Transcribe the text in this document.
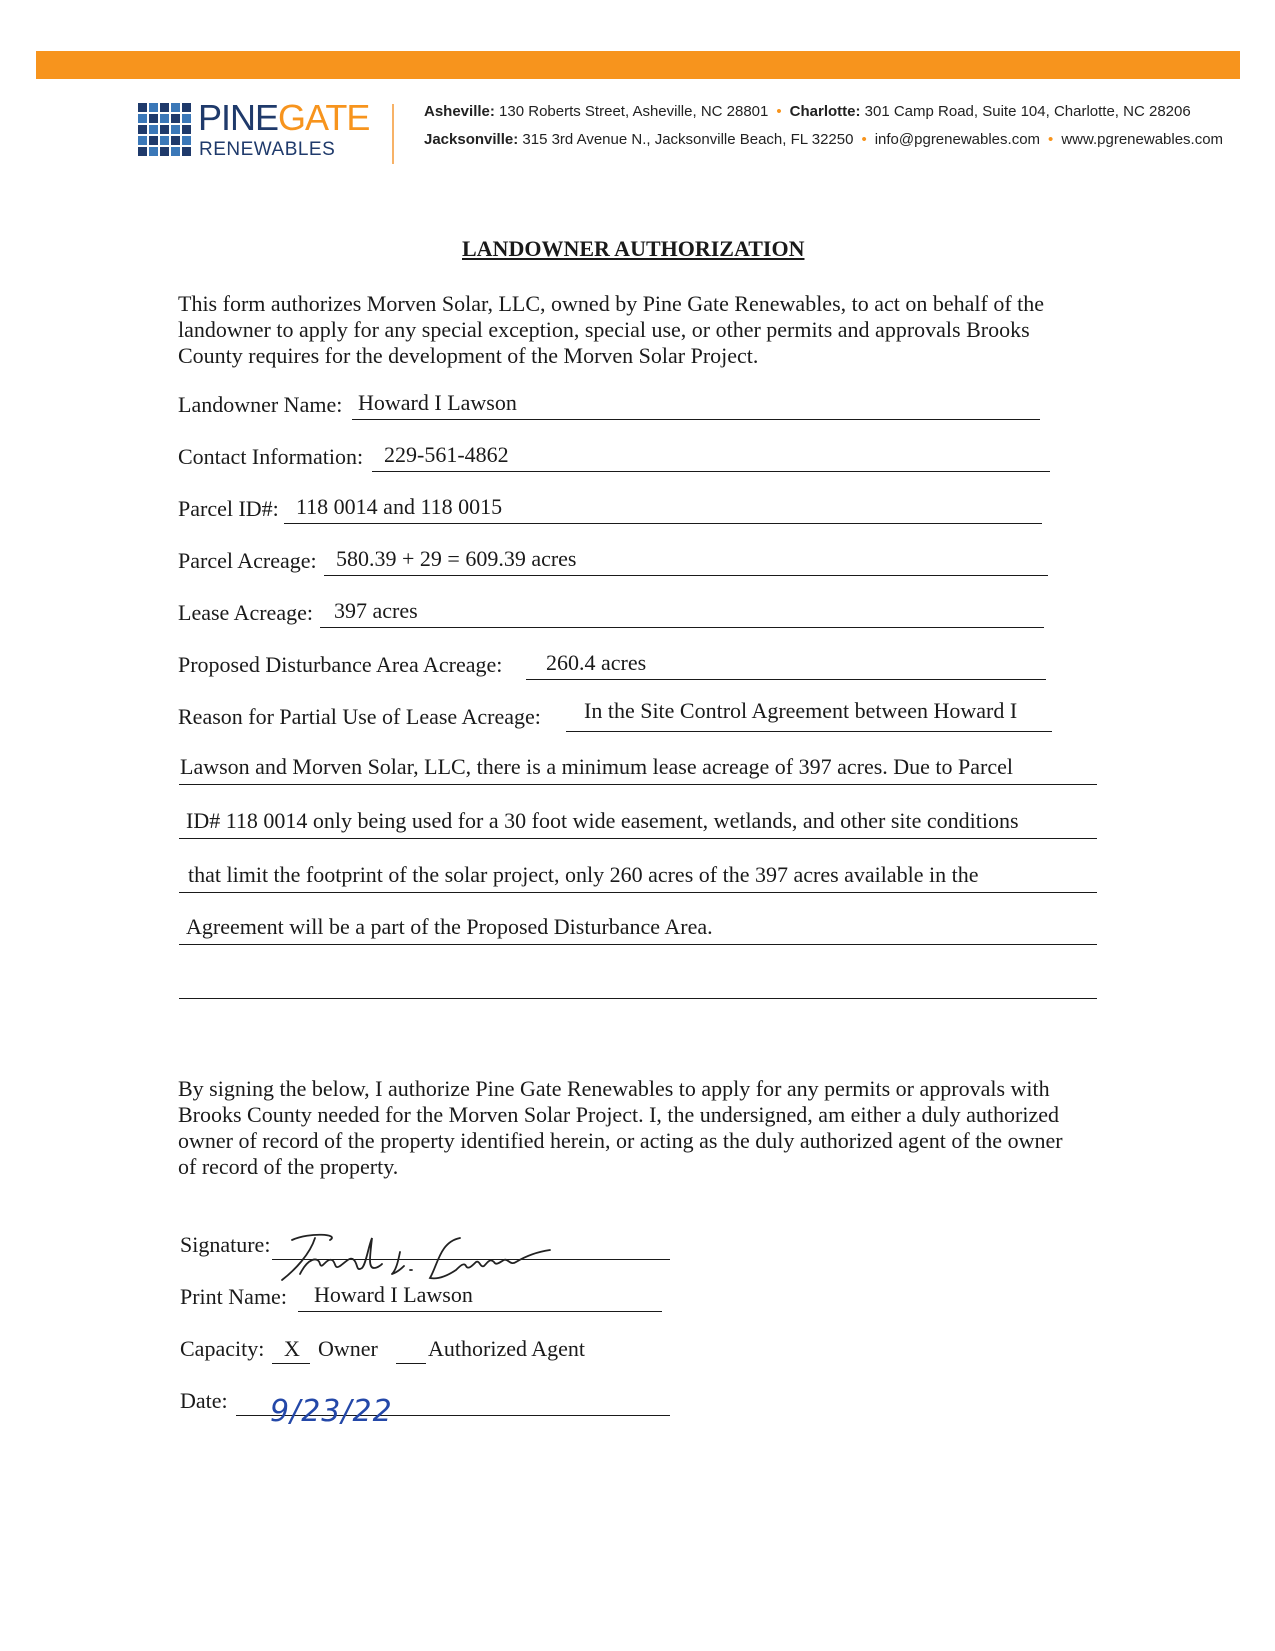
PINEGATE
RENEWABLES
Asheville: 130 Roberts Street, Asheville, NC 28801 • Charlotte: 301 Camp Road, Suite 104, Charlotte, NC 28206
Jacksonville: 315 3rd Avenue N., Jacksonville Beach, FL 32250 • info@pgrenewables.com • www.pgrenewables.com
LANDOWNER AUTHORIZATION
This form authorizes Morven Solar, LLC, owned by Pine Gate Renewables, to act on behalf of the landowner to apply for any special exception, special use, or other permits and approvals Brooks County requires for the development of the Morven Solar Project.
Landowner Name: Howard I Lawson
Contact Information: 229-561-4862
Parcel ID#: 118 0014 and 118 0015
Parcel Acreage: 580.39 + 29 = 609.39 acres
Lease Acreage: 397 acres
Proposed Disturbance Area Acreage: 260.4 acres
Reason for Partial Use of Lease Acreage: In the Site Control Agreement between Howard I
Lawson and Morven Solar, LLC, there is a minimum lease acreage of 397 acres. Due to Parcel
ID# 118 0014 only being used for a 30 foot wide easement, wetlands, and other site conditions
that limit the footprint of the solar project, only 260 acres of the 397 acres available in the
Agreement will be a part of the Proposed Disturbance Area.
By signing the below, I authorize Pine Gate Renewables to apply for any permits or approvals with Brooks County needed for the Morven Solar Project. I, the undersigned, am either a duly authorized owner of record of the property identified herein, or acting as the duly authorized agent of the owner of record of the property.
Signature:
Print Name: Howard I Lawson
Capacity: X Owner Authorized Agent
Date: 9/23/22
